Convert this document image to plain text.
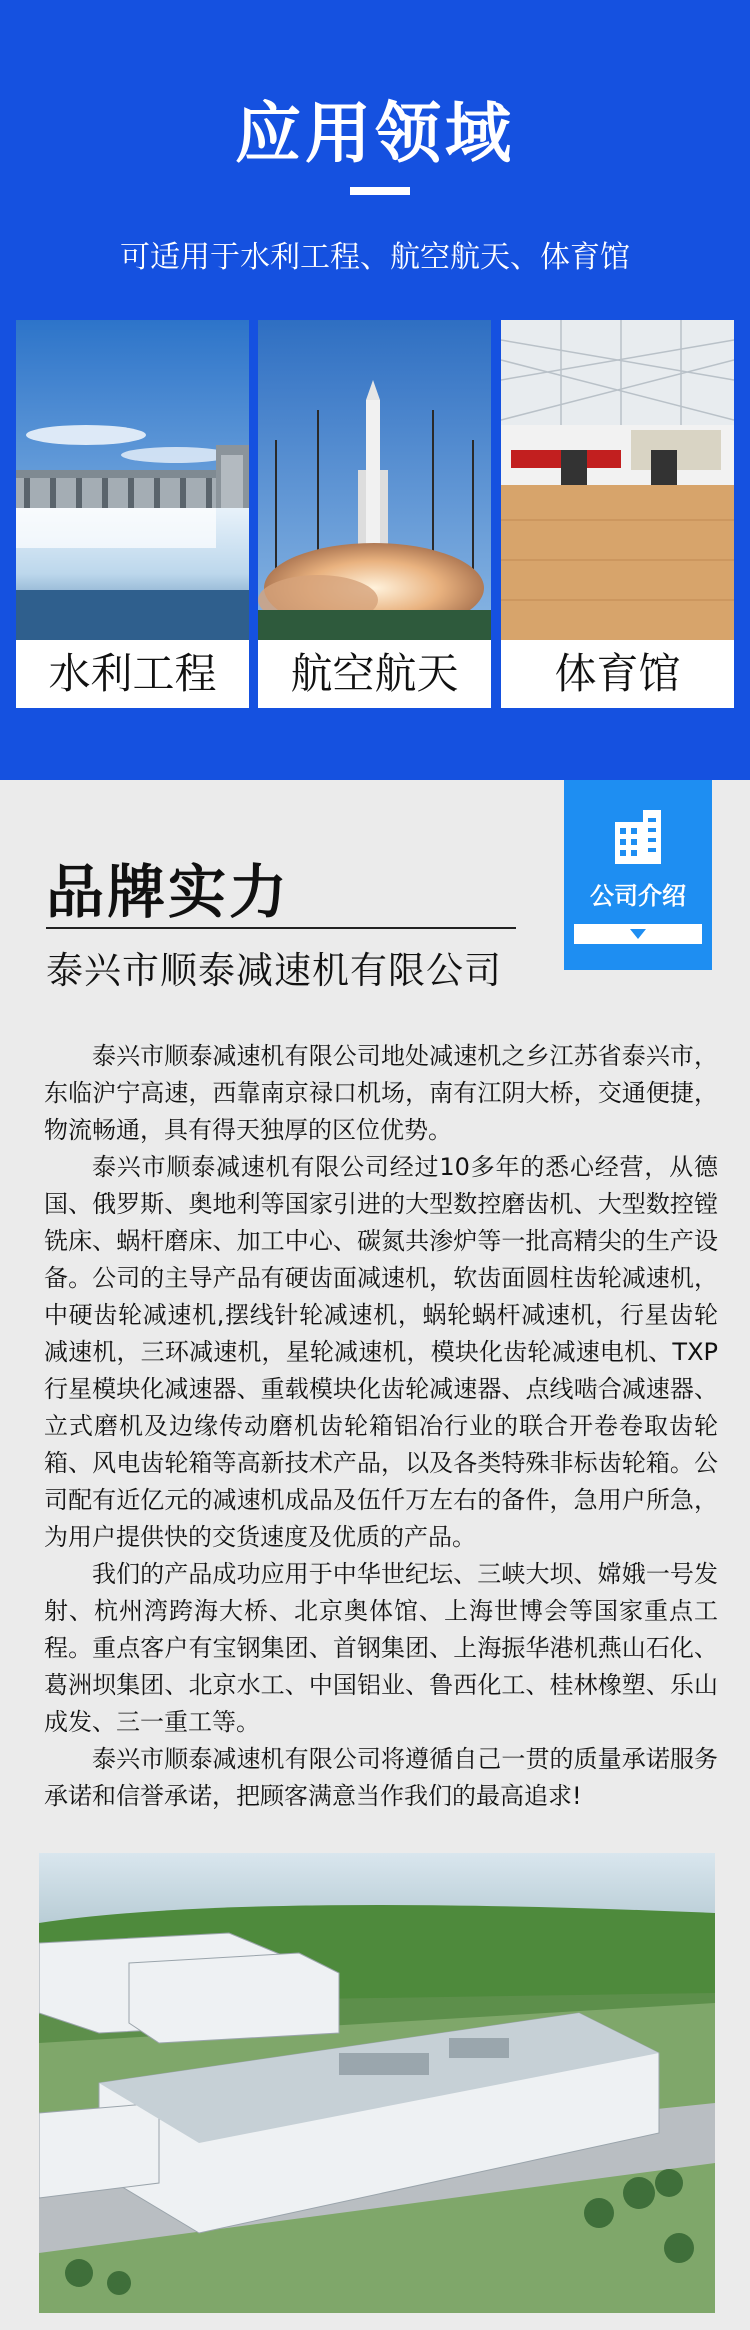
应用领域
可适用于水利工程、航空航天、体育馆
水利工程	航空航天	体育馆
公司介绍
品牌实力
泰兴市顺泰减速机有限公司

泰兴市顺泰减速机有限公司地处减速机之乡江苏省泰兴市，东临沪宁高速，西靠南京禄口机场，南有江阴大桥，交通便捷，物流畅通，具有得天独厚的区位优势。

泰兴市顺泰减速机有限公司经过10多年的悉心经营，从德国、俄罗斯、奥地利等国家引进的大型数控磨齿机、大型数控镗铣床、蜗杆磨床、加工中心、碳氮共渗炉等一批高精尖的生产设备。公司的主导产品有硬齿面减速机，软齿面圆柱齿轮减速机，中硬齿轮减速机,摆线针轮减速机，蜗轮蜗杆减速机，行星齿轮减速机，三环减速机，星轮减速机，模块化齿轮减速电机、TXP行星模块化减速器、重载模块化齿轮减速器、点线啮合减速器、立式磨机及边缘传动磨机齿轮箱铝冶行业的联合开卷卷取齿轮箱、风电齿轮箱等高新技术产品，以及各类特殊非标齿轮箱。公司配有近亿元的减速机成品及伍仟万左右的备件，急用户所急，为用户提供快的交货速度及优质的产品。

我们的产品成功应用于中华世纪坛、三峡大坝、嫦娥一号发射、杭州湾跨海大桥、北京奥体馆、上海世博会等国家重点工程。重点客户有宝钢集团、首钢集团、上海振华港机燕山石化、葛洲坝集团、北京水工、中国铝业、鲁西化工、桂林橡塑、乐山成发、三一重工等。

泰兴市顺泰减速机有限公司将遵循自己一贯的质量承诺服务承诺和信誉承诺，把顾客满意当作我们的最高追求!
